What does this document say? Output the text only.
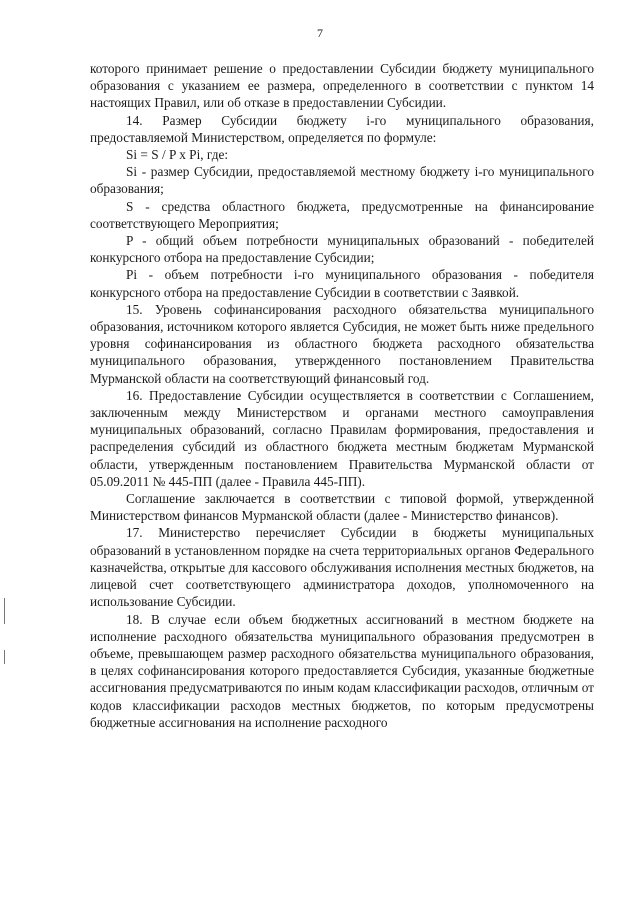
7

которого принимает решение о предоставлении Субсидии бюджету муниципального образования с указанием ее размера, определенного в соответствии с пунктом 14 настоящих Правил, или об отказе в предоставлении Субсидии.

14. Размер Субсидии бюджету i-го муниципального образования, предоставляемой Министерством, определяется по формуле:

Si = S / P x Pi, где:

Si - размер Субсидии, предоставляемой местному бюджету i-го муниципального образования;

S - средства областного бюджета, предусмотренные на финансирование соответствующего Мероприятия;

P - общий объем потребности муниципальных образований - победителей конкурсного отбора на предоставление Субсидии;

Pi - объем потребности i-го муниципального образования - победителя конкурсного отбора на предоставление Субсидии в соответствии с Заявкой.

15. Уровень софинансирования расходного обязательства муниципального образования, источником которого является Субсидия, не может быть ниже предельного уровня софинансирования из областного бюджета расходного обязательства муниципального образования, утвержденного постановлением Правительства Мурманской области на соответствующий финансовый год.

16. Предоставление Субсидии осуществляется в соответствии с Соглашением, заключенным между Министерством и органами местного самоуправления муниципальных образований, согласно Правилам формирования, предоставления и распределения субсидий из областного бюджета местным бюджетам Мурманской области, утвержденным постановлением Правительства Мурманской области от 05.09.2011 № 445-ПП (далее - Правила 445-ПП).

Соглашение заключается в соответствии с типовой формой, утвержденной Министерством финансов Мурманской области (далее - Министерство финансов).

17. Министерство перечисляет Субсидии в бюджеты муниципальных образований в установленном порядке на счета территориальных органов Федерального казначейства, открытые для кассового обслуживания исполнения местных бюджетов, на лицевой счет соответствующего администратора доходов, уполномоченного на использование Субсидии.

18. В случае если объем бюджетных ассигнований в местном бюджете на исполнение расходного обязательства муниципального образования предусмотрен в объеме, превышающем размер расходного обязательства муниципального образования, в целях софинансирования которого предоставляется Субсидия, указанные бюджетные ассигнования предусматриваются по иным кодам классификации расходов, отличным от кодов классификации расходов местных бюджетов, по которым предусмотрены бюджетные ассигнования на исполнение расходного
